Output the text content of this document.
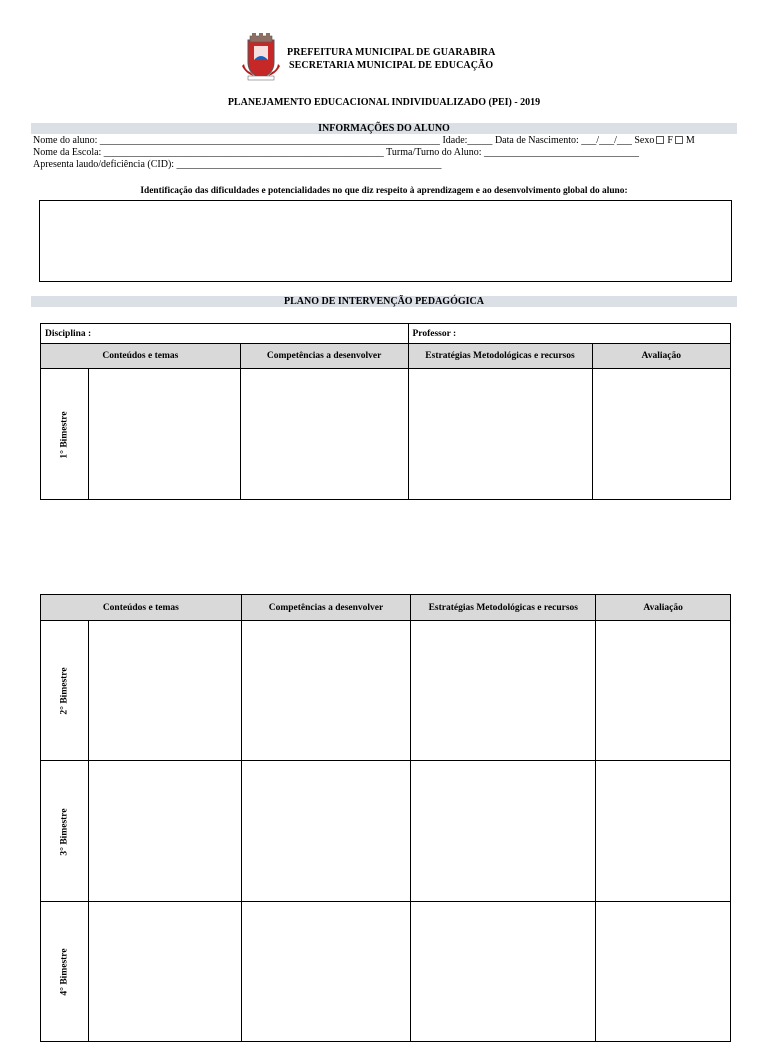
PREFEITURA MUNICIPAL DE GUARABIRA
SECRETARIA MUNICIPAL DE EDUCAÇÃO
PLANEJAMENTO EDUCACIONAL INDIVIDUALIZADO (PEI) - 2019
INFORMAÇÕES DO ALUNO
Nome do aluno: ____________________________________________________________________ Idade:_____ Data de Nascimento: ___/___/___ Sexo F M
Nome da Escola: ________________________________________________________ Turma/Turno do Aluno: _______________________________
Apresenta laudo/deficiência (CID): _____________________________________________________
Identificação das dificuldades e potencialidades no que diz respeito à aprendizagem e ao desenvolvimento global do aluno:
PLANO DE INTERVENÇÃO PEDAGÓGICA
Disciplina :			Professor :	
Conteúdos e temas		Competências a desenvolver	Estratégias Metodológicas e recursos	Avaliação
1° Bimestre				
Conteúdos e temas		Competências a desenvolver	Estratégias Metodológicas e recursos	Avaliação
2° Bimestre				
3° Bimestre				
4° Bimestre				
